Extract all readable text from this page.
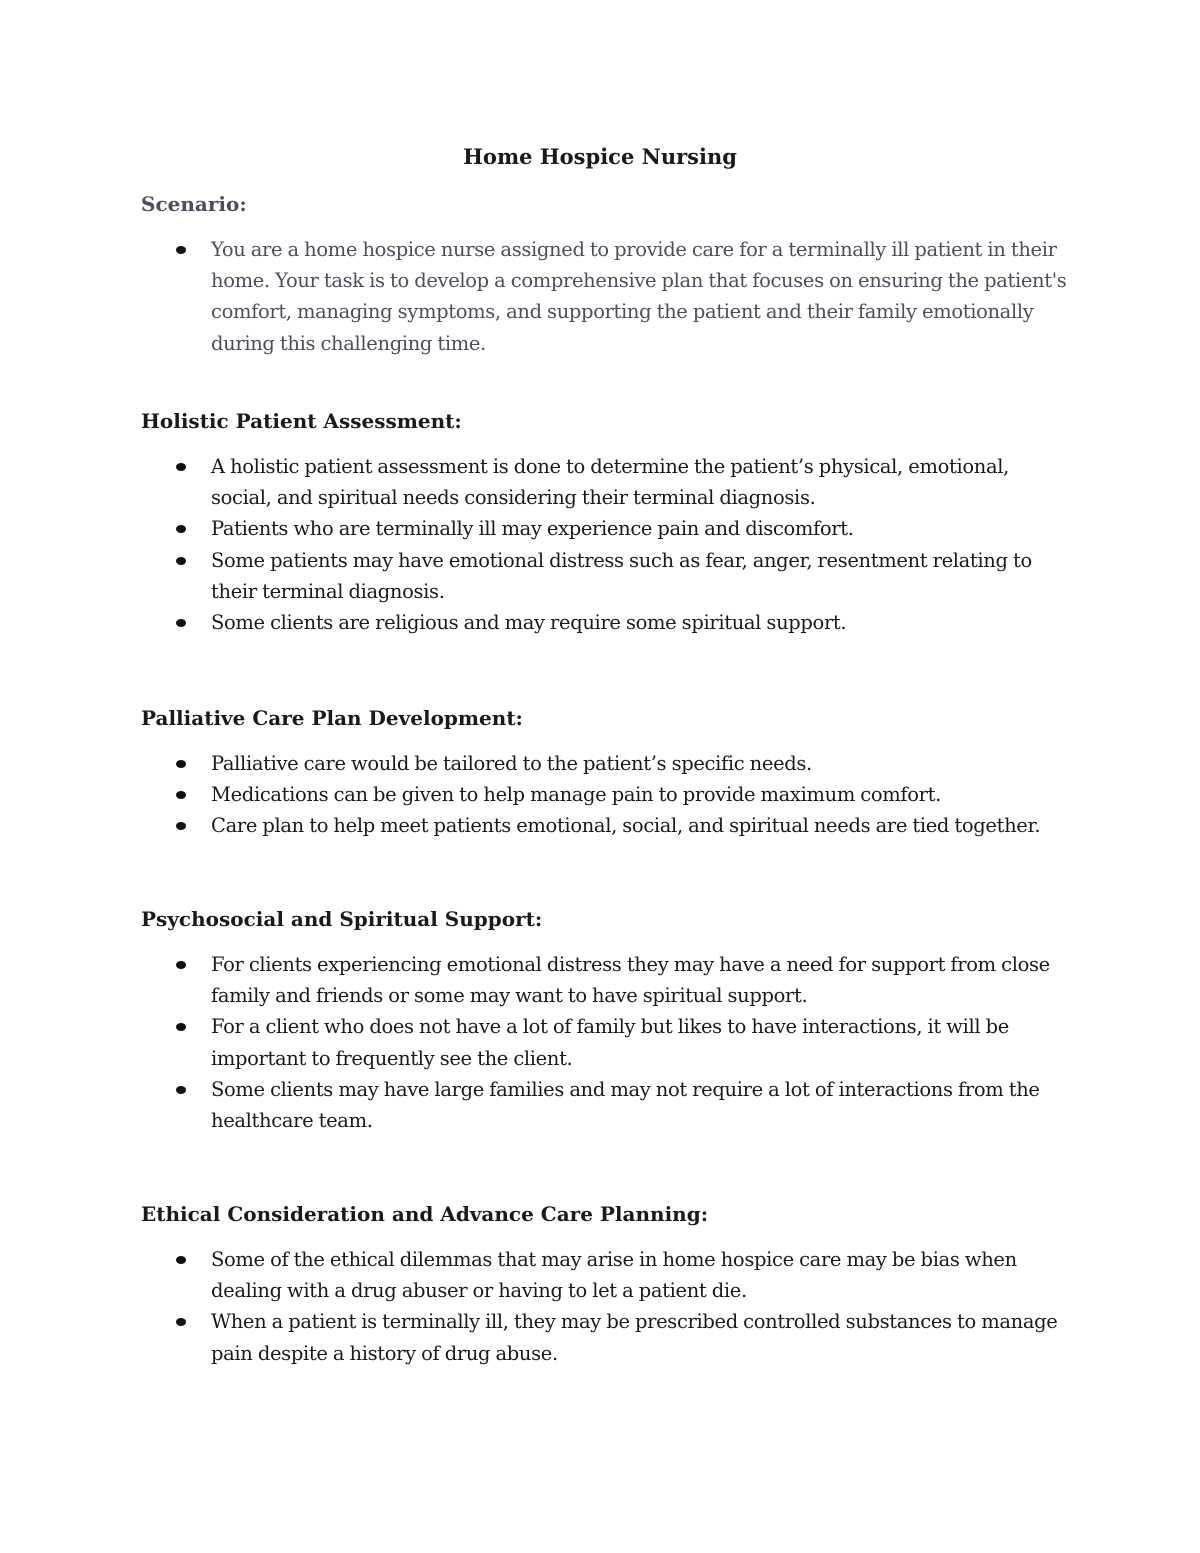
Home Hospice Nursing
Scenario:
You are a home hospice nurse assigned to provide care for a terminally ill patient in their home. Your task is to develop a comprehensive plan that focuses on ensuring the patient's comfort, managing symptoms, and supporting the patient and their family emotionally during this challenging time.
Holistic Patient Assessment:
A holistic patient assessment is done to determine the patient’s physical, emotional, social, and spiritual needs considering their terminal diagnosis.
Patients who are terminally ill may experience pain and discomfort.
Some patients may have emotional distress such as fear, anger, resentment relating to their terminal diagnosis.
Some clients are religious and may require some spiritual support.
Palliative Care Plan Development:
Palliative care would be tailored to the patient’s specific needs.
Medications can be given to help manage pain to provide maximum comfort.
Care plan to help meet patients emotional, social, and spiritual needs are tied together.
Psychosocial and Spiritual Support:
For clients experiencing emotional distress they may have a need for support from close family and friends or some may want to have spiritual support.
For a client who does not have a lot of family but likes to have interactions, it will be important to frequently see the client.
Some clients may have large families and may not require a lot of interactions from the healthcare team.
Ethical Consideration and Advance Care Planning:
Some of the ethical dilemmas that may arise in home hospice care may be bias when dealing with a drug abuser or having to let a patient die.
When a patient is terminally ill, they may be prescribed controlled substances to manage pain despite a history of drug abuse.
